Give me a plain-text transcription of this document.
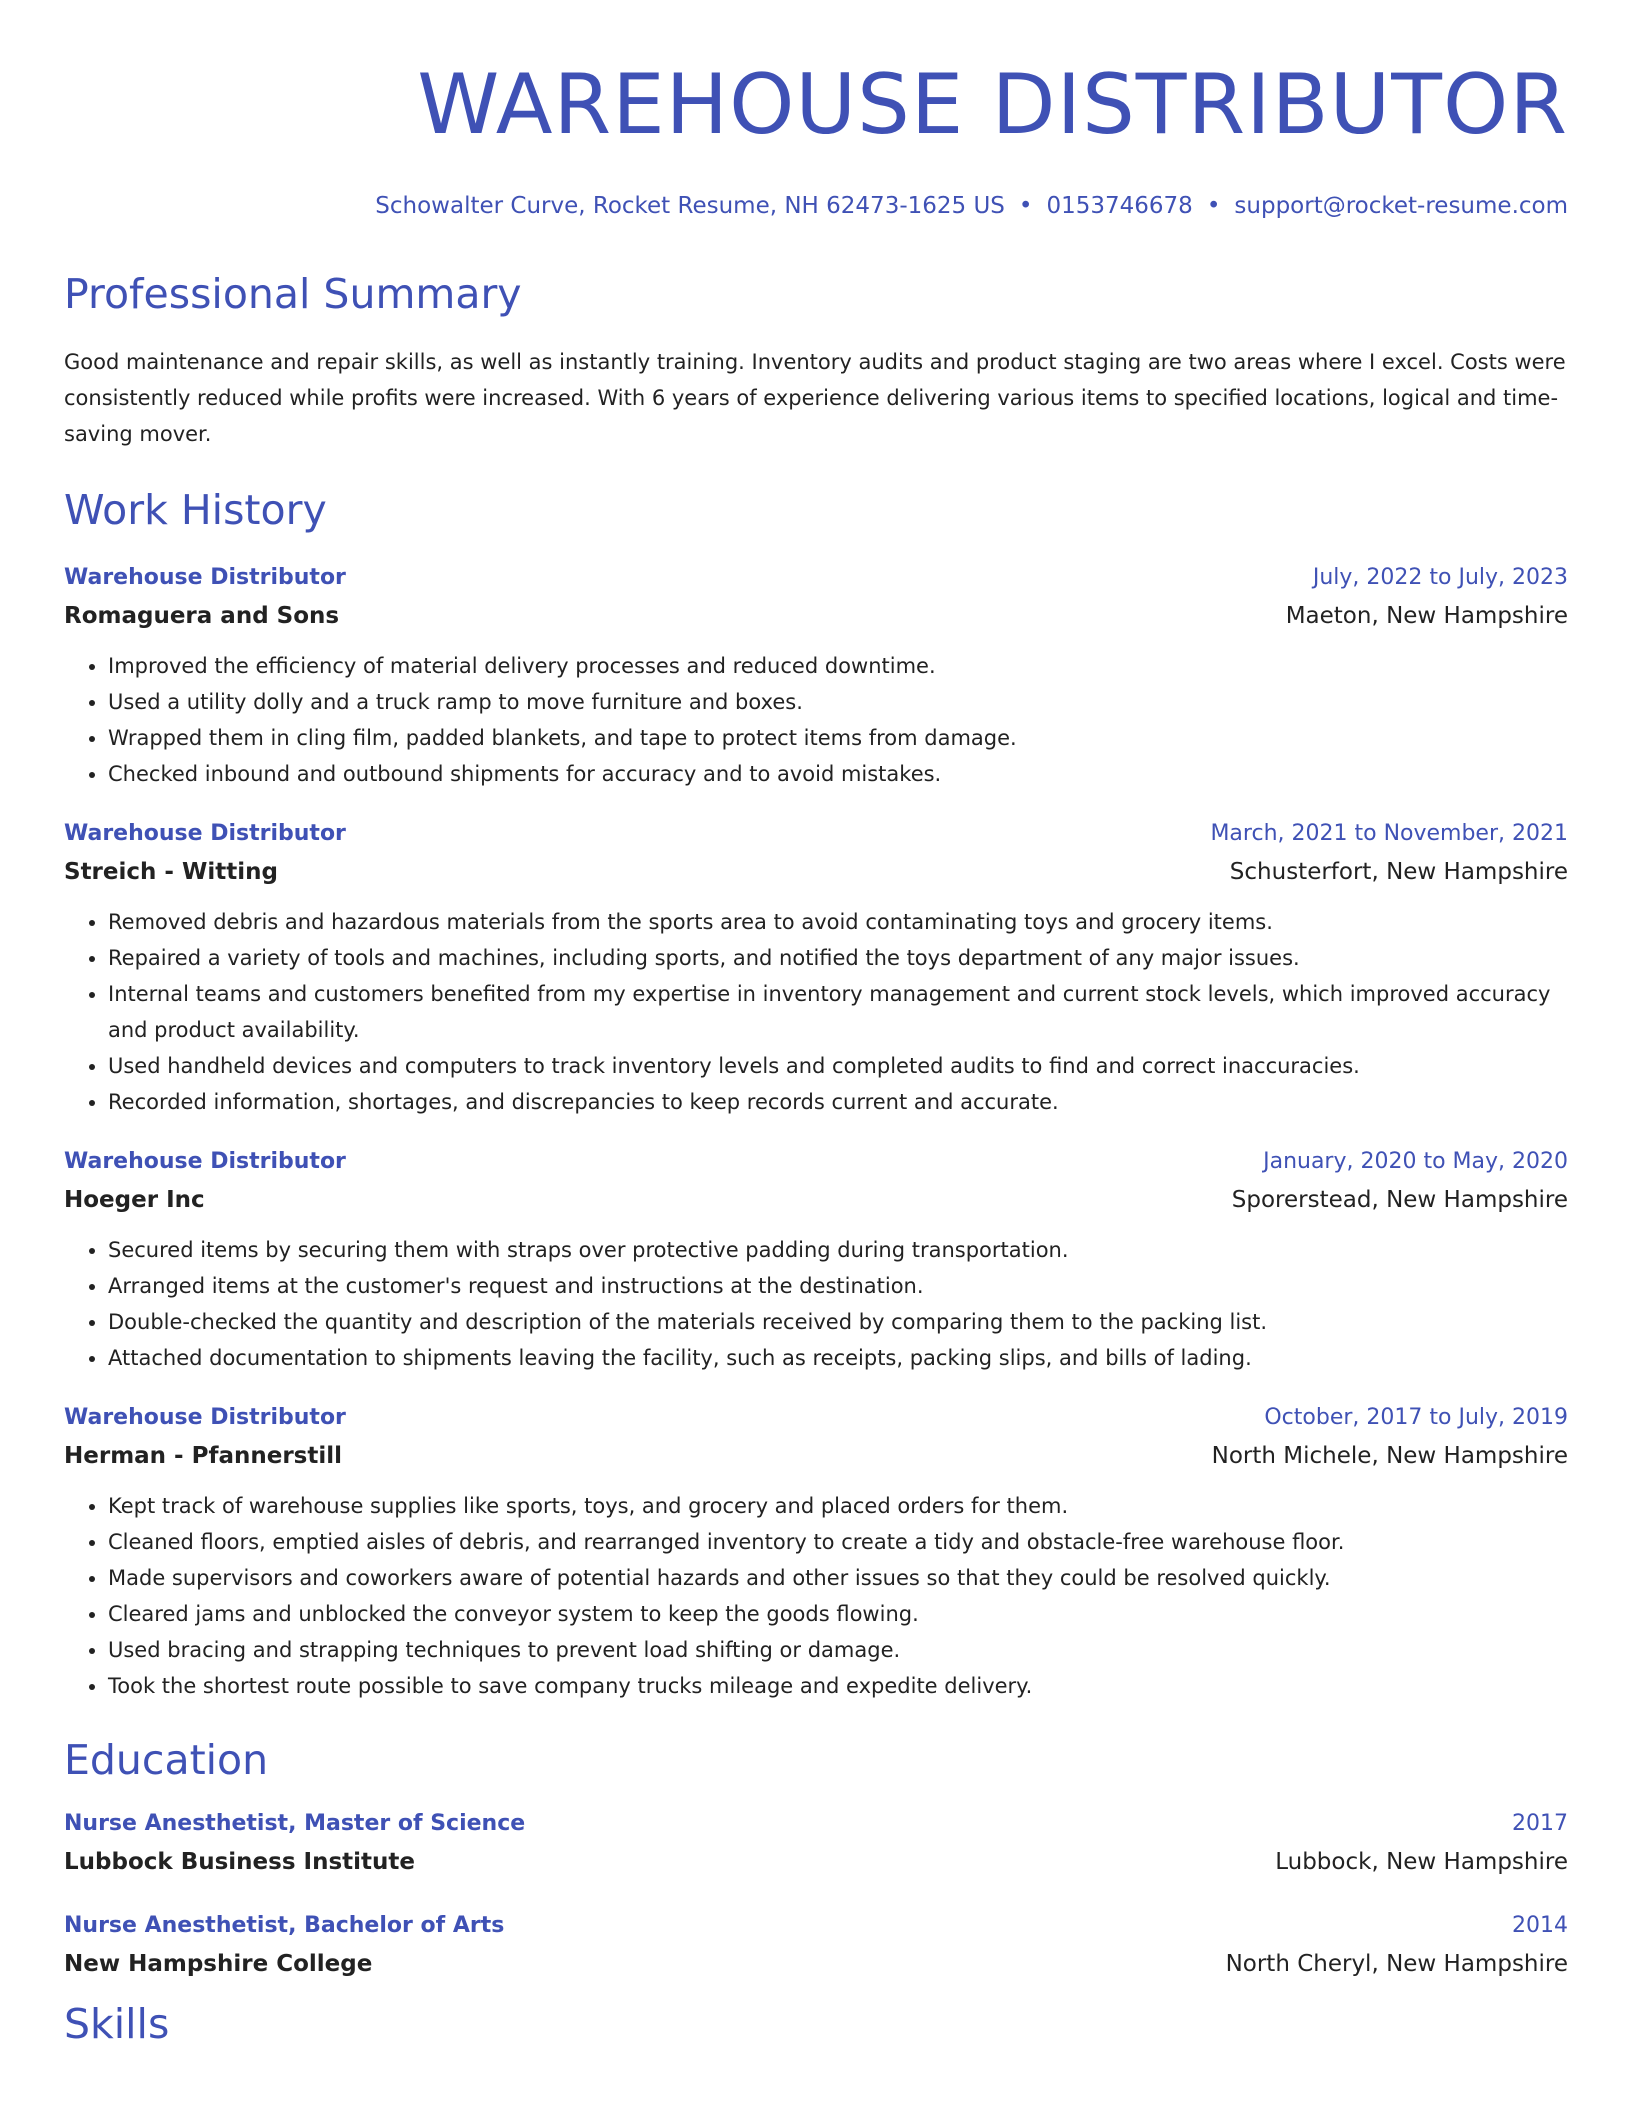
WAREHOUSE DISTRIBUTOR
Schowalter Curve, Rocket Resume, NH 62473-1625 US • 0153746678 • support@rocket-resume.com
Professional Summary
Good maintenance and repair skills, as well as instantly training. Inventory audits and product staging are two areas where I excel. Costs were consistently reduced while profits were increased. With 6 years of experience delivering various items to specified locations, logical and time-saving mover.
Work History
Warehouse Distributor	July, 2022 to July, 2023
Romaguera and Sons	Maeton, New Hampshire
• Improved the efficiency of material delivery processes and reduced downtime.
• Used a utility dolly and a truck ramp to move furniture and boxes.
• Wrapped them in cling film, padded blankets, and tape to protect items from damage.
• Checked inbound and outbound shipments for accuracy and to avoid mistakes.
Warehouse Distributor	March, 2021 to November, 2021
Streich - Witting	Schusterfort, New Hampshire
• Removed debris and hazardous materials from the sports area to avoid contaminating toys and grocery items.
• Repaired a variety of tools and machines, including sports, and notified the toys department of any major issues.
• Internal teams and customers benefited from my expertise in inventory management and current stock levels, which improved accuracy and product availability.
• Used handheld devices and computers to track inventory levels and completed audits to find and correct inaccuracies.
• Recorded information, shortages, and discrepancies to keep records current and accurate.
Warehouse Distributor	January, 2020 to May, 2020
Hoeger Inc	Sporerstead, New Hampshire
• Secured items by securing them with straps over protective padding during transportation.
• Arranged items at the customer's request and instructions at the destination.
• Double-checked the quantity and description of the materials received by comparing them to the packing list.
• Attached documentation to shipments leaving the facility, such as receipts, packing slips, and bills of lading.
Warehouse Distributor	October, 2017 to July, 2019
Herman - Pfannerstill	North Michele, New Hampshire
• Kept track of warehouse supplies like sports, toys, and grocery and placed orders for them.
• Cleaned floors, emptied aisles of debris, and rearranged inventory to create a tidy and obstacle-free warehouse floor.
• Made supervisors and coworkers aware of potential hazards and other issues so that they could be resolved quickly.
• Cleared jams and unblocked the conveyor system to keep the goods flowing.
• Used bracing and strapping techniques to prevent load shifting or damage.
• Took the shortest route possible to save company trucks mileage and expedite delivery.
Education
Nurse Anesthetist, Master of Science	2017
Lubbock Business Institute	Lubbock, New Hampshire
Nurse Anesthetist, Bachelor of Arts	2014
New Hampshire College	North Cheryl, New Hampshire
Skills
